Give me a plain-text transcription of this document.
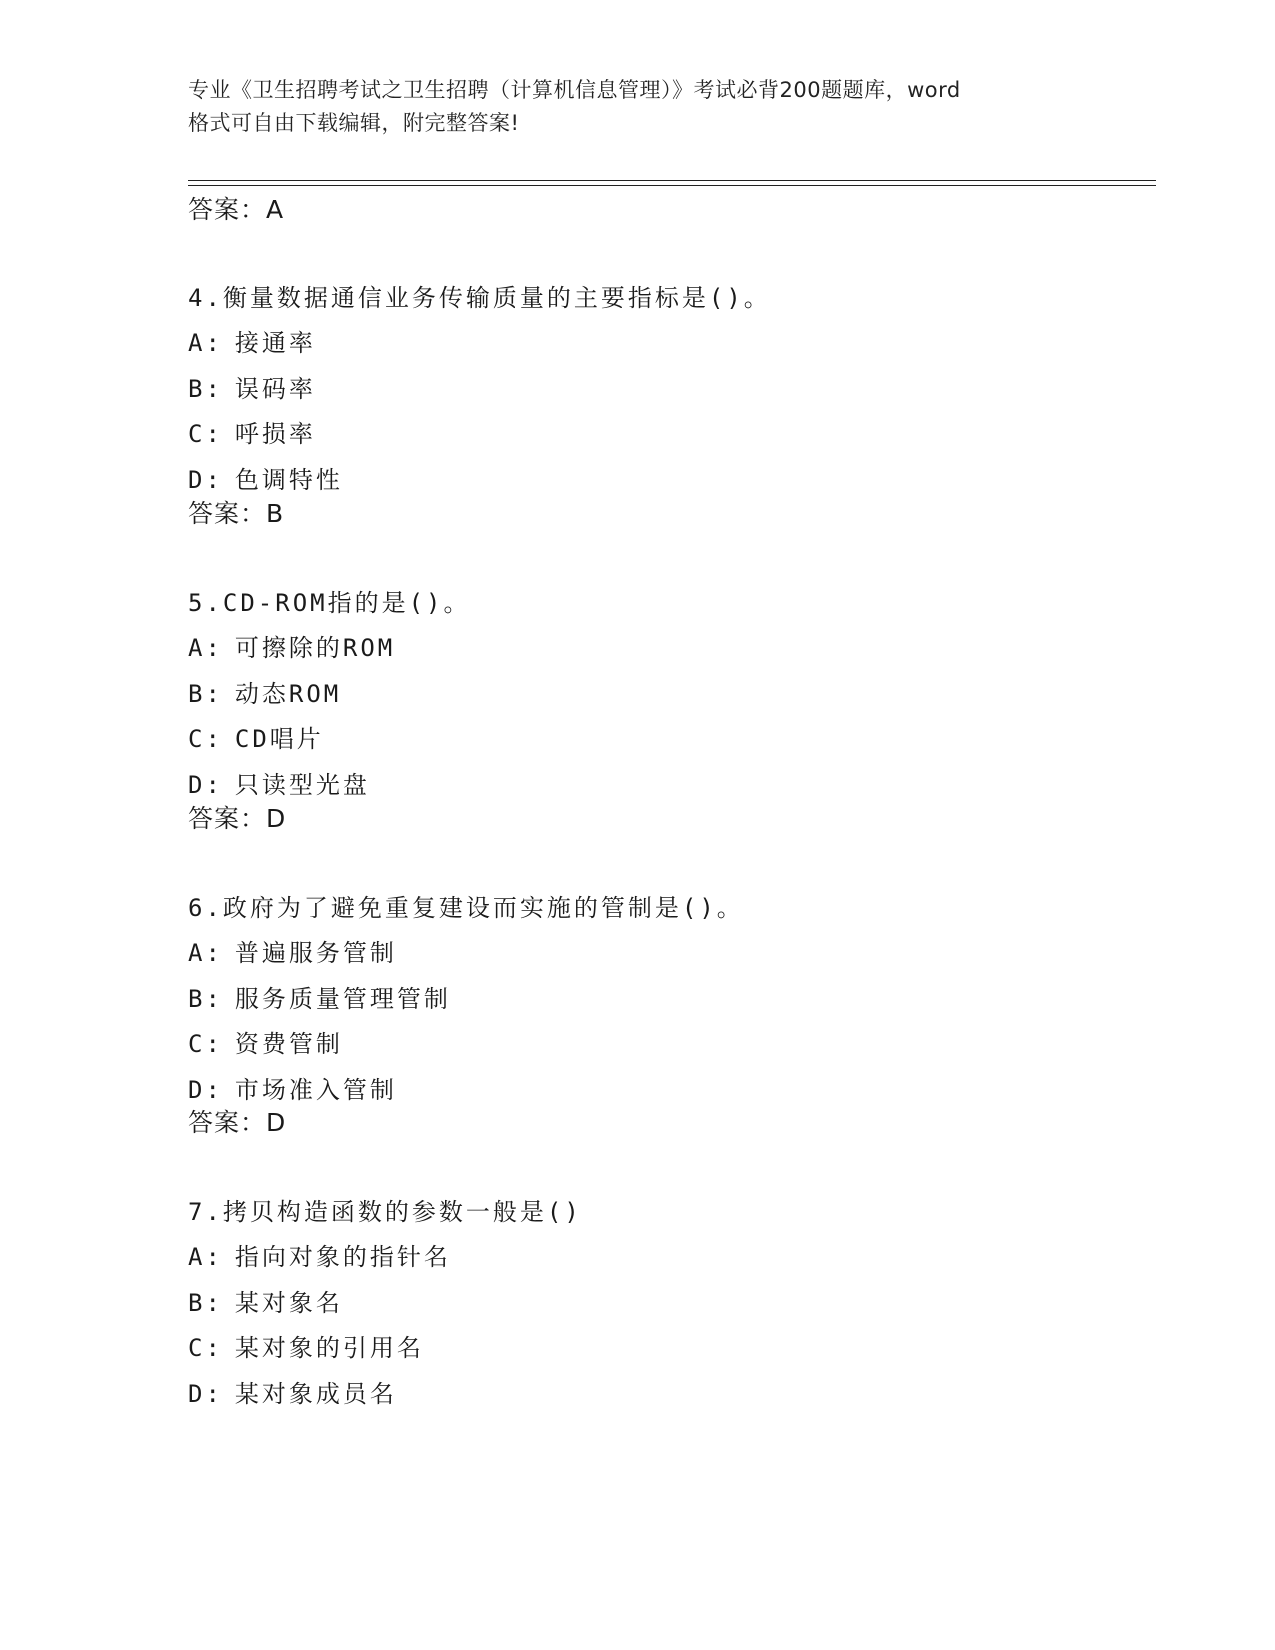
专业《卫生招聘考试之卫生招聘（计算机信息管理）》考试必背200题题库，word
格式可自由下载编辑，附完整答案!
答案：A
4.衡量数据通信业务传输质量的主要指标是()。
A: 接通率
B: 误码率
C: 呼损率
D: 色调特性
答案：B
5.CD-ROM指的是()。
A: 可擦除的ROM
B: 动态ROM
C: CD唱片
D: 只读型光盘
答案：D
6.政府为了避免重复建设而实施的管制是()。
A: 普遍服务管制
B: 服务质量管理管制
C: 资费管制
D: 市场准入管制
答案：D
7.拷贝构造函数的参数一般是()
A: 指向对象的指针名
B: 某对象名
C: 某对象的引用名
D: 某对象成员名
